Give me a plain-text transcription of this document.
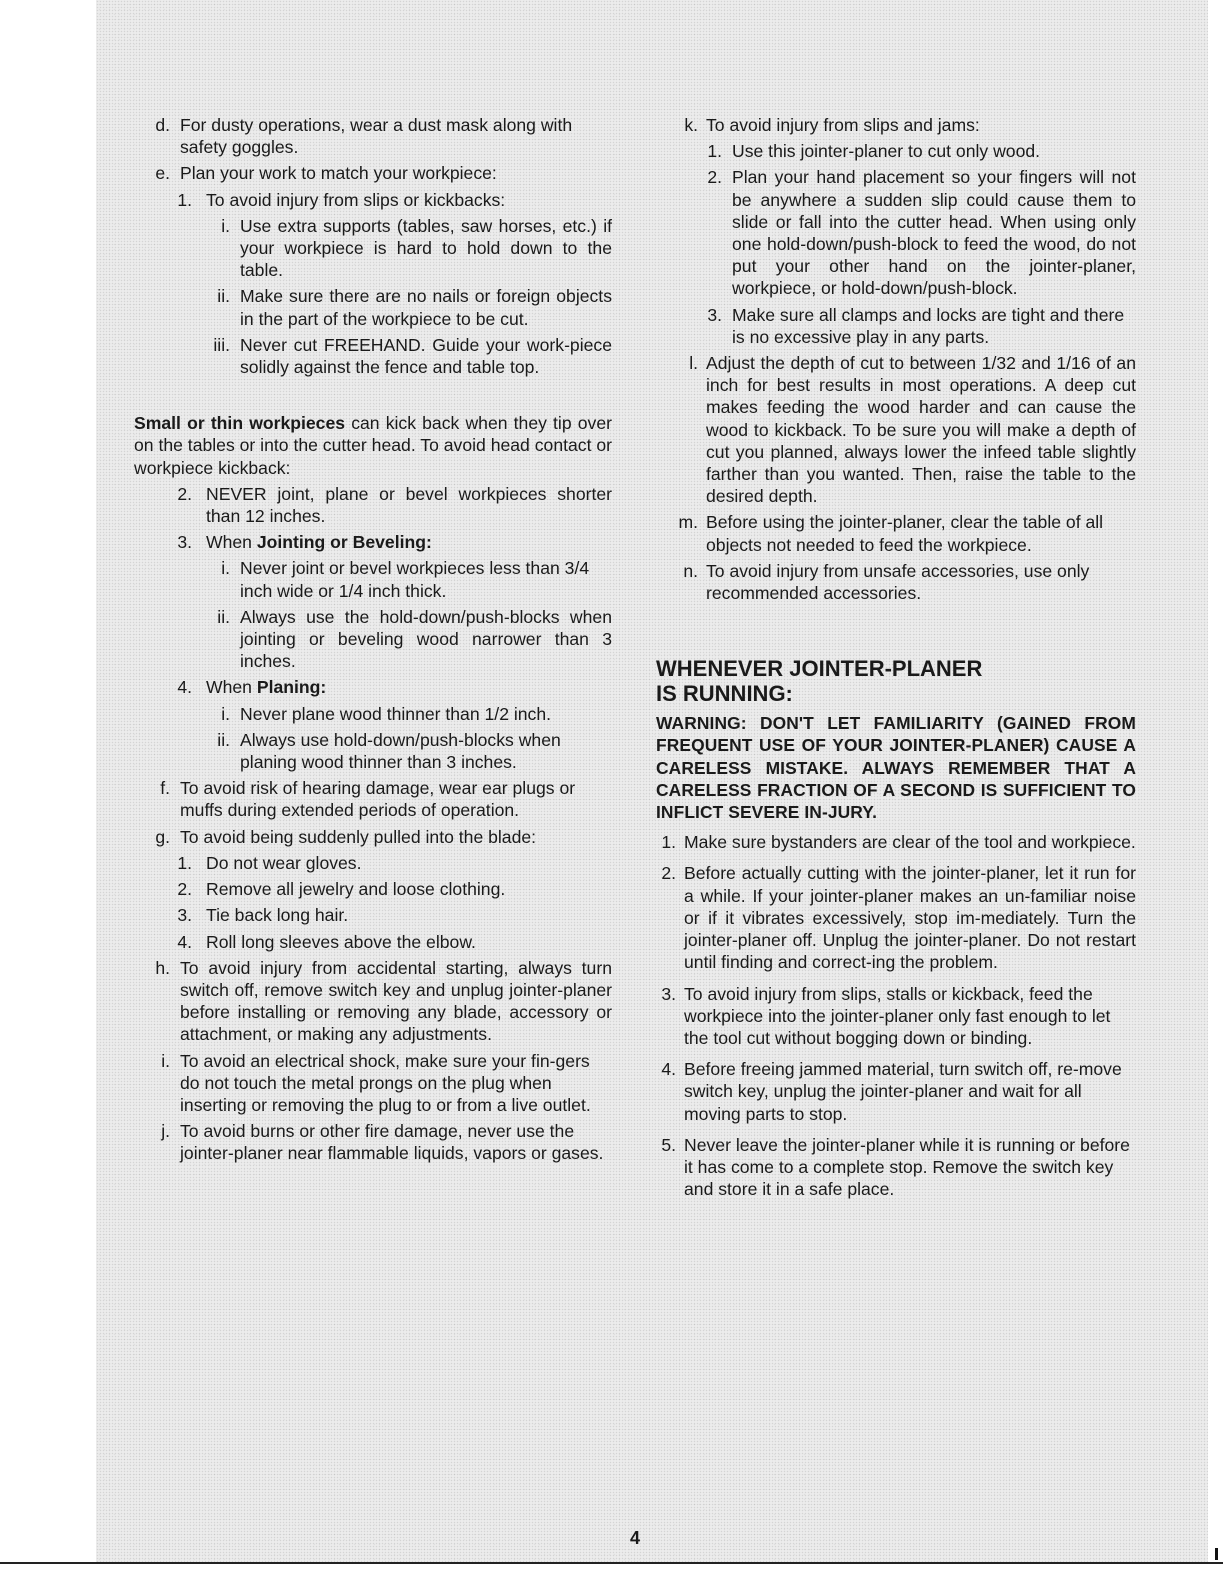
d. For dusty operations, wear a dust mask along with safety goggles.
e. Plan your work to match your workpiece:
1. To avoid injury from slips or kickbacks:
i. Use extra supports (tables, saw horses, etc.) if your workpiece is hard to hold down to the table.
ii. Make sure there are no nails or foreign objects in the part of the workpiece to be cut.
iii. Never cut FREEHAND. Guide your work-piece solidly against the fence and table top.
Small or thin workpieces can kick back when they tip over on the tables or into the cutter head. To avoid head contact or workpiece kickback:
2. NEVER joint, plane or bevel workpieces shorter than 12 inches.
3. When Jointing or Beveling:
i. Never joint or bevel workpieces less than 3/4 inch wide or 1/4 inch thick.
ii. Always use the hold-down/push-blocks when jointing or beveling wood narrower than 3 inches.
4. When Planing:
i. Never plane wood thinner than 1/2 inch.
ii. Always use hold-down/push-blocks when planing wood thinner than 3 inches.
f. To avoid risk of hearing damage, wear ear plugs or muffs during extended periods of operation.
g. To avoid being suddenly pulled into the blade:
1. Do not wear gloves.
2. Remove all jewelry and loose clothing.
3. Tie back long hair.
4. Roll long sleeves above the elbow.
h. To avoid injury from accidental starting, always turn switch off, remove switch key and unplug jointer-planer before installing or removing any blade, accessory or attachment, or making any adjustments.
i. To avoid an electrical shock, make sure your fin-gers do not touch the metal prongs on the plug when inserting or removing the plug to or from a live outlet.
j. To avoid burns or other fire damage, never use the jointer-planer near flammable liquids, vapors or gases.
k. To avoid injury from slips and jams:
1. Use this jointer-planer to cut only wood.
2. Plan your hand placement so your fingers will not be anywhere a sudden slip could cause them to slide or fall into the cutter head. When using only one hold-down/push-block to feed the wood, do not put your other hand on the jointer-planer, workpiece, or hold-down/push-block.
3. Make sure all clamps and locks are tight and there is no excessive play in any parts.
l. Adjust the depth of cut to between 1/32 and 1/16 of an inch for best results in most operations. A deep cut makes feeding the wood harder and can cause the wood to kickback. To be sure you will make a depth of cut you planned, always lower the infeed table slightly farther than you wanted. Then, raise the table to the desired depth.
m. Before using the jointer-planer, clear the table of all objects not needed to feed the workpiece.
n. To avoid injury from unsafe accessories, use only recommended accessories.
WHENEVER JOINTER-PLANER
IS RUNNING:
WARNING: DON'T LET FAMILIARITY (GAINED FROM FREQUENT USE OF YOUR JOINTER-PLANER) CAUSE A CARELESS MISTAKE. ALWAYS REMEMBER THAT A CARELESS FRACTION OF A SECOND IS SUFFICIENT TO INFLICT SEVERE IN-JURY.
1. Make sure bystanders are clear of the tool and workpiece.
2. Before actually cutting with the jointer-planer, let it run for a while. If your jointer-planer makes an un-familiar noise or if it vibrates excessively, stop im-mediately. Turn the jointer-planer off. Unplug the jointer-planer. Do not restart until finding and correct-ing the problem.
3. To avoid injury from slips, stalls or kickback, feed the workpiece into the jointer-planer only fast enough to let the tool cut without bogging down or binding.
4. Before freeing jammed material, turn switch off, re-move switch key, unplug the jointer-planer and wait for all moving parts to stop.
5. Never leave the jointer-planer while it is running or before it has come to a complete stop. Remove the switch key and store it in a safe place.
4
